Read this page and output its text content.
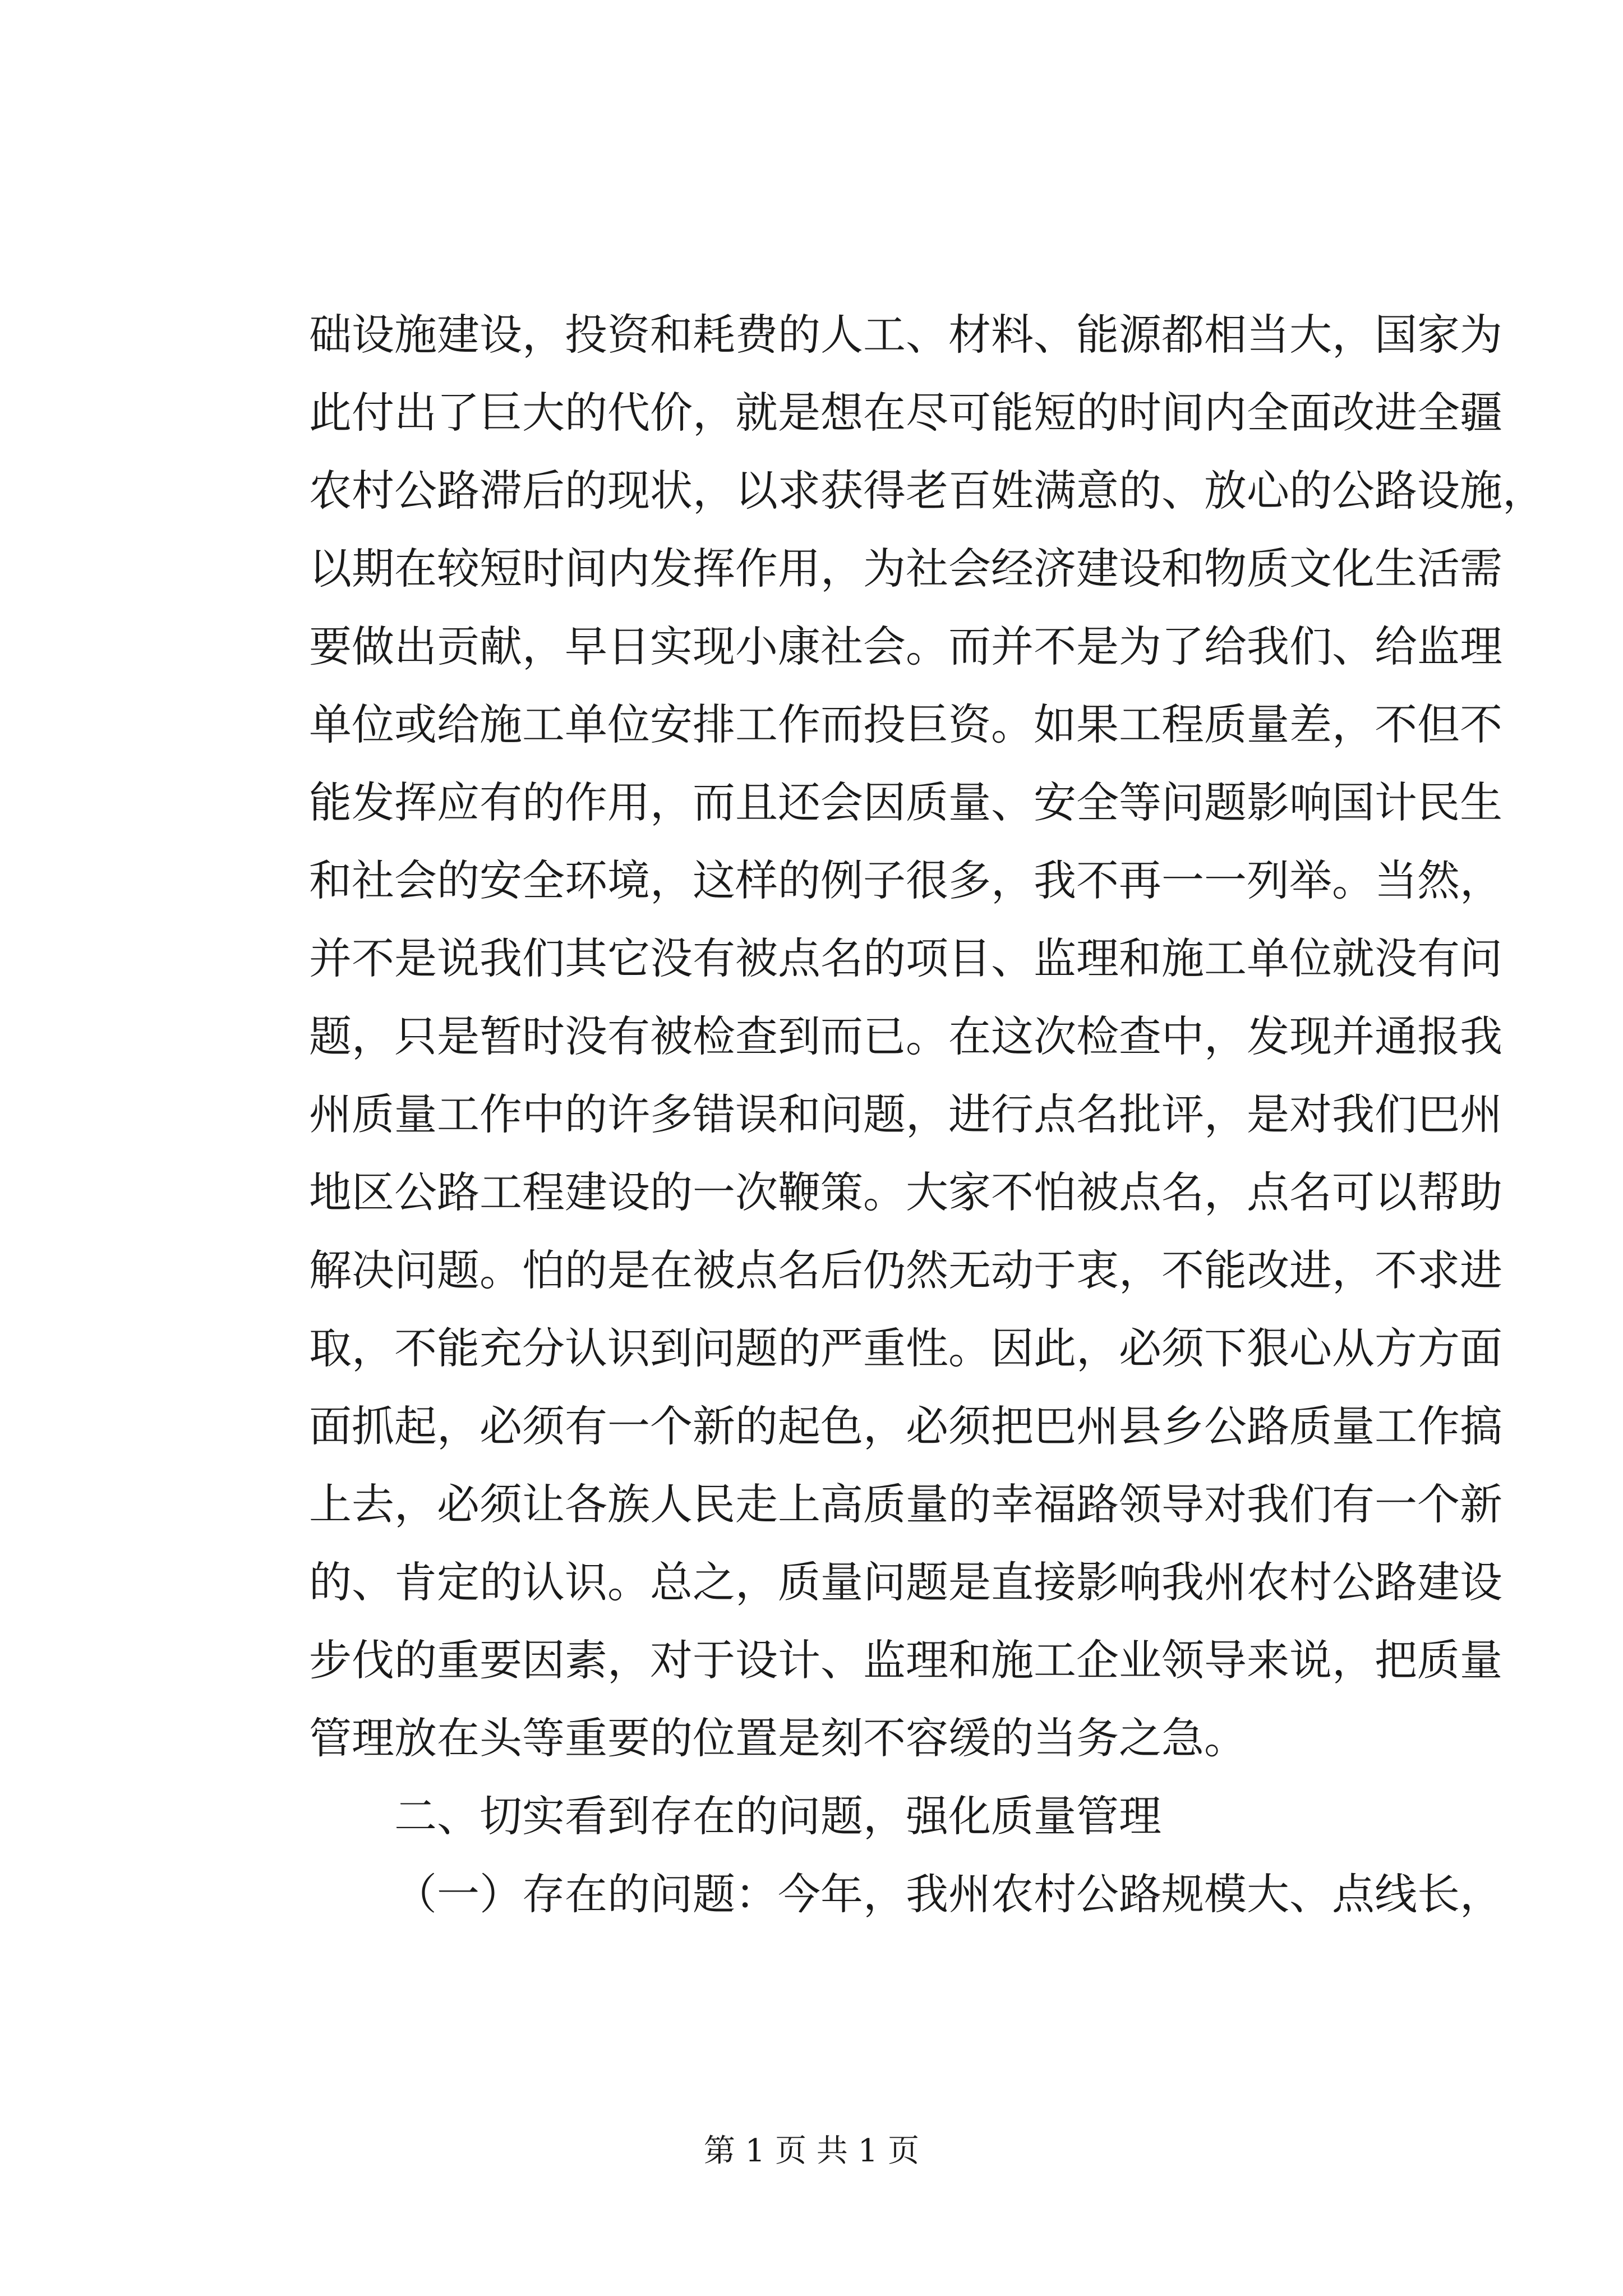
础设施建设，投资和耗费的人工、材料、能源都相当大，国家为
此付出了巨大的代价，就是想在尽可能短的时间内全面改进全疆
农村公路滞后的现状，以求获得老百姓满意的、放心的公路设施，
以期在较短时间内发挥作用，为社会经济建设和物质文化生活需
要做出贡献，早日实现小康社会。而并不是为了给我们、给监理
单位或给施工单位安排工作而投巨资。如果工程质量差，不但不
能发挥应有的作用，而且还会因质量、安全等问题影响国计民生
和社会的安全环境，这样的例子很多，我不再一一列举。当然，
并不是说我们其它没有被点名的项目、监理和施工单位就没有问
题，只是暂时没有被检查到而已。在这次检查中，发现并通报我
州质量工作中的许多错误和问题，进行点名批评，是对我们巴州
地区公路工程建设的一次鞭策。大家不怕被点名，点名可以帮助
解决问题。怕的是在被点名后仍然无动于衷，不能改进，不求进
取，不能充分认识到问题的严重性。因此，必须下狠心从方方面
面抓起，必须有一个新的起色，必须把巴州县乡公路质量工作搞
上去，必须让各族人民走上高质量的幸福路领导对我们有一个新
的、肯定的认识。总之，质量问题是直接影响我州农村公路建设
步伐的重要因素，对于设计、监理和施工企业领导来说，把质量
管理放在头等重要的位置是刻不容缓的当务之急。
二、切实看到存在的问题，强化质量管理
（一）存在的问题：今年，我州农村公路规模大、点线长，
第 1 页 共 1 页
